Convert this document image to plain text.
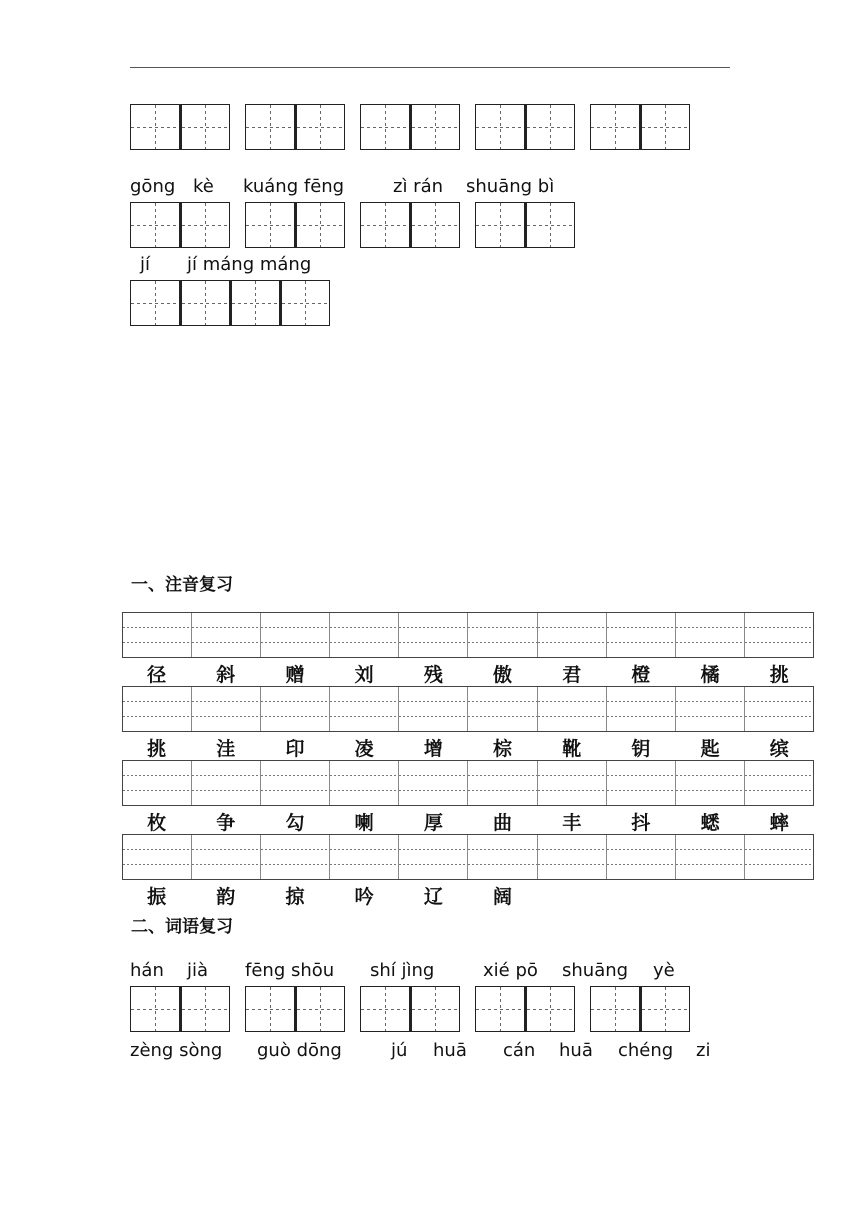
gōng kè kuáng fēng	zì rán shuāng bì
jí jí máng máng
一、注音复习
径	斜	赠	刘	残	傲	君	橙	橘	挑
挑	洼	印	凌	增	棕	靴	钥	匙	缤
枚	争	勾	喇	厚	曲	丰	抖	蟋	蟀
振	韵	掠	吟	辽	阔
二、词语复习
hán jià fēng shōu shí jìng	xié pō shuāng yè
zèng sòng guò dōng	jú huā cán huā chéng zi
